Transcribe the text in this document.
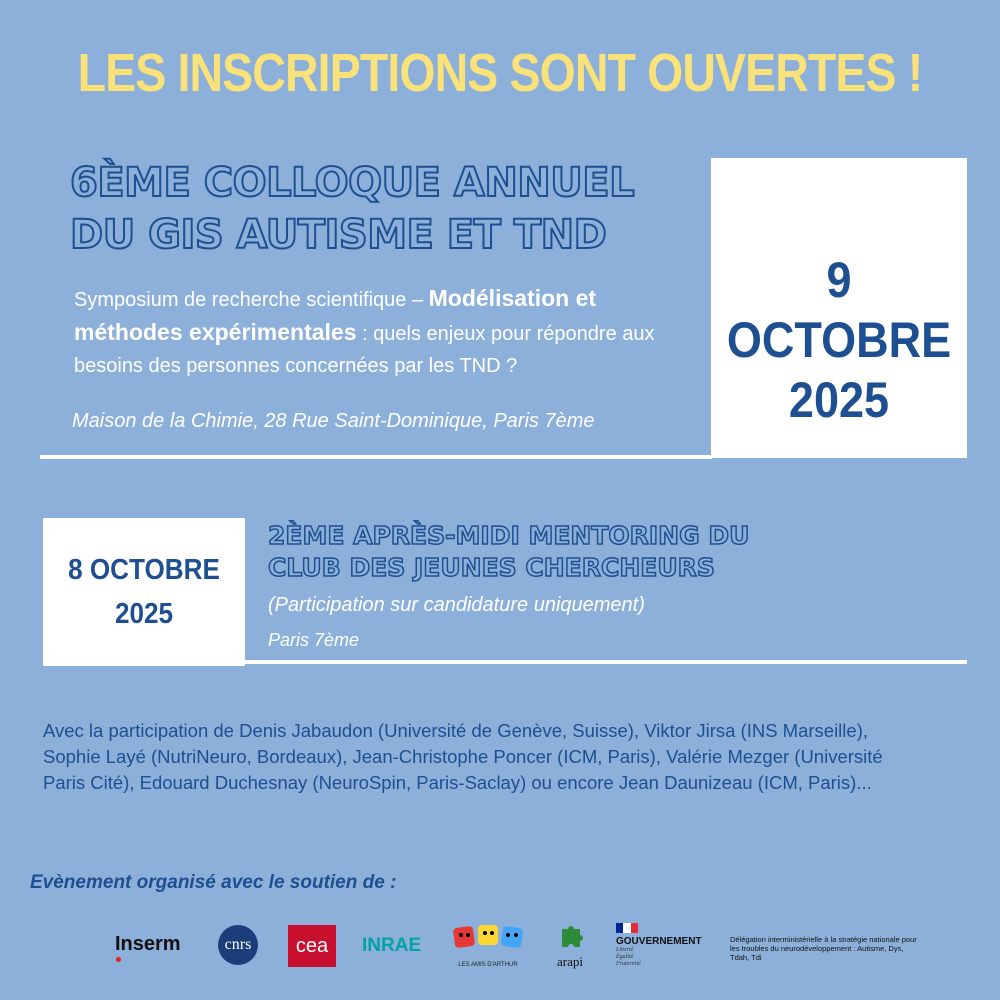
LES INSCRIPTIONS SONT OUVERTES !
6ÈME COLLOQUE ANNUEL
DU GIS AUTISME ET TND
Symposium de recherche scientifique – Modélisation et méthodes expérimentales : quels enjeux pour répondre aux besoins des personnes concernées par les TND ?
Maison de la Chimie, 28 Rue Saint-Dominique, Paris 7ème
9 OCTOBRE
2025
8 OCTOBRE
2025
2ÈME APRÈS-MIDI MENTORING DU
CLUB DES JEUNES CHERCHEURS
(Participation sur candidature uniquement)
Paris 7ème
Avec la participation de Denis Jabaudon (Université de Genève, Suisse), Viktor Jirsa (INS Marseille), Sophie Layé (NutriNeuro, Bordeaux), Jean-Christophe Poncer (ICM, Paris), Valérie Mezger (Université Paris Cité), Edouard Duchesnay (NeuroSpin, Paris-Saclay) ou encore Jean Daunizeau (ICM, Paris)...
Evènement organisé avec le soutien de :
Inserm	cnrs	cea	INRAE
LES AMIS D'ARTHUR	arapi
GOUVERNEMENT
Liberté Égalité Fraternité
Délégation interministérielle à la stratégie nationale pour les troubles du neurodéveloppement : Autisme, Dys, Tdah, Tdi
